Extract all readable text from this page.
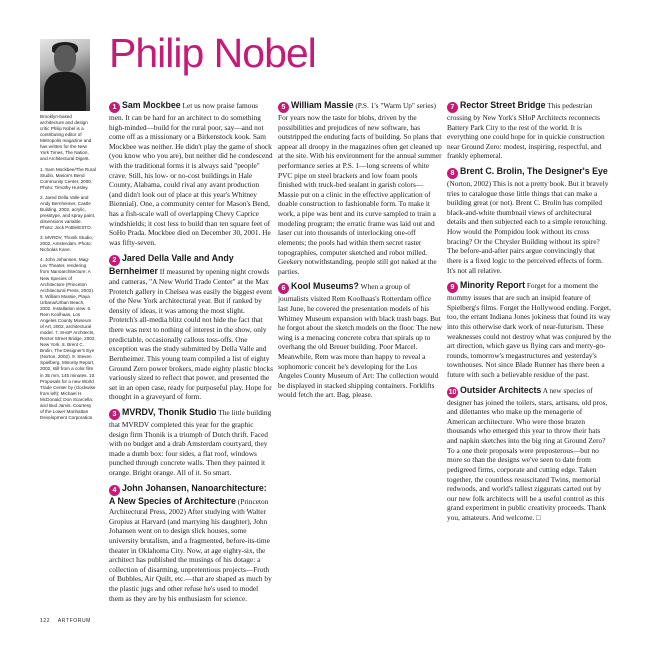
Brooklyn-based architecture and design critic Philip Nobel is a contributing editor of Metropolis magazine and has written for the New York Times, The Nation, and Architectural Digest.

1. Sam Mockbee/The Rural Studio, Mason's Bend Community Center, 2000. Photo: Timothy Hursley.

2. Jared Della Valle and Andy Bernheimer, Castle Building, 2002, acrylic, presstype, and spray paint, dimensions variable. Photo: Jock Pottle/ESTO.

3. MVRDV, Thonik Studio, 2002, Amsterdam. Photo: Nicholas Kane.

4. John Johansen, Mag-Lev Theater, rendering from Nanoarchitecture: A New Species of Architecture (Princeton Architectural Press, 2002). 5. William Massie, Playa Urbana/Urban Beach, 2002. Installation view. 6. Rem Koolhaas, Los Angeles County Museum of Art, 2002, architectural model. 7. SHoP Architects, Rector Street Bridge, 2002, New York. 8. Brent C. Brolin, The Designer's Eye (Norton, 2002). 9. Steven Spielberg, Minority Report, 2002, still from a color film in 35 mm, 145 minutes. 10. Proposals for a new World Trade Center by (clockwise from left): Michael H. McDonald; Don Scarcella; and Bud Jarvis. Courtesy of the Lower Manhattan Development Corporation.

Philip Nobel

1 Sam Mockbee Let us now praise famous men. It can be hard for an architect to do something high-minded—build for the rural poor, say—and not come off as a missionary or a Birkenstock kook. Sam Mockbee was neither. He didn't play the game of shock (you know who you are), but neither did he condescend with the traditional forms it is always said "people" crave. Still, his low- or no-cost buildings in Hale County, Alabama, could rival any avant production (and didn't look out of place at this year's Whitney Biennial). One, a community center for Mason's Bend, has a fish-scale wall of overlapping Chevy Caprice windshields; it cost less to build than ten square feet of SoHo Prada. Mockbee died on December 30, 2001. He was fifty-seven.

2 Jared Della Valle and Andy Bernheimer If measured by opening night crowds and cameras, "A New World Trade Center" at the Max Protetch gallery in Chelsea was easily the biggest event of the New York architectural year. But if ranked by density of ideas, it was among the most slight. Protetch's all-media blitz could not hide the fact that there was next to nothing of interest in the show, only predictable, occasionally callous toss-offs. One exception was the study submitted by Della Valle and Bernheimer. This young team compiled a list of eighty Ground Zero power brokers, made eighty plastic blocks variously sized to reflect that power, and presented the set in an open case, ready for purposeful play. Hope for thought in a graveyard of form.

3 MVRDV, Thonik Studio The little building that MVRDV completed this year for the graphic design firm Thonik is a triumph of Dutch thrift. Faced with no budget and a drab Amsterdam courtyard, they made a dumb box: four sides, a flat roof, windows punched through concrete walls. Then they painted it orange. Bright orange. All of it. So smart.

4 John Johansen, Nanoarchitecture: A New Species of Architecture (Princeton Architectural Press, 2002) After studying with Walter Gropius at Harvard (and marrying his daughter), John Johansen went on to design slick houses, some university brutalism, and a fragmented, before-its-time theater in Oklahoma City. Now, at age eighty-six, the architect has published the musings of his dotage: a collection of disarming, unpretentious projects—Froth of Bubbles, Air Quilt, etc.—that are shaped as much by the plastic jugs and other refuse he's used to model them as they are by his enthusiasm for science.

5 William Massie (P.S. 1's "Warm Up" series) For years now the taste for blobs, driven by the possibilities and prejudices of new software, has outstripped the enduring facts of building. So plans that appear all droopy in the magazines often get cleaned up at the site. With his environment for the annual summer performance series at P.S. 1—long screens of white PVC pipe on steel brackets and low foam pools finished with truck-bed sealant in garish colors—Massie put on a clinic in the effective application of doable construction to fashionable form. To make it work, a pipe was bent and its curve sampled to train a modeling program; the erratic frame was laid out and laser cut into thousands of interlocking one-off elements; the pools had within them secret raster topographies, computer sketched and robot milled. Geekery notwithstanding, people still got naked at the parties.

6 Kool Museums? When a group of journalists visited Rem Koolhaas's Rotterdam office last June, he covered the presentation models of his Whitney Museum expansion with black trash bags. But he forgot about the sketch models on the floor. The new wing is a menacing concrete cobra that spirals up to overhang the old Breuer building. Poor Marcel. Meanwhile, Rem was more than happy to reveal a sophomoric conceit he's developing for the Los Angeles County Museum of Art: The collection would be displayed in stacked shipping containers. Forklifts would fetch the art. Bag, please.

7 Rector Street Bridge This pedestrian crossing by New York's SHoP Architects reconnects Battery Park City to the rest of the world. It is everything one could hope for in quickie construction near Ground Zero: modest, inspiring, respectful, and frankly ephemeral.

8 Brent C. Brolin, The Designer's Eye (Norton, 2002) This is not a pretty book. But it bravely tries to catalogue those little things that can make a building great (or not). Brent C. Brolin has compiled black-and-white thumbnail views of architectural details and then subjected each to a simple retouching. How would the Pompidou look without its cross bracing? Or the Chrysler Building without its spire? The before-and-after pairs argue convincingly that there is a fixed logic to the perceived effects of form. It's not all relative.

9 Minority Report Forget for a moment the mommy issues that are such an insipid feature of Spielberg's films. Forget the Hollywood ending. Forget, too, the errant Indiana Jones jokiness that found its way into this otherwise dark work of near-futurism. These weaknesses could not destroy what was conjured by the art direction, which gave us flying cars and merry-go-rounds, tomorrow's megastructures and yesterday's townhouses. Not since Blade Runner has there been a future with such a believable residue of the past.

10 Outsider Architects A new species of designer has joined the toilers, stars, artisans, old pros, and dilettantes who make up the menagerie of American architecture. Who were those brazen thousands who emerged this year to throw their hats and napkin sketches into the big ring at Ground Zero? To a one their proposals were preposterous—but no more so than the designs we've seen to date from pedigreed firms, corporate and cutting edge. Taken together, the countless resuscitated Twins, memorial redwoods, and world's tallest ziggurats carted out by our new folk architects will be a useful control as this grand experiment in public creativity proceeds. Thank you, amateurs. And welcome. □

122 ARTFORUM
